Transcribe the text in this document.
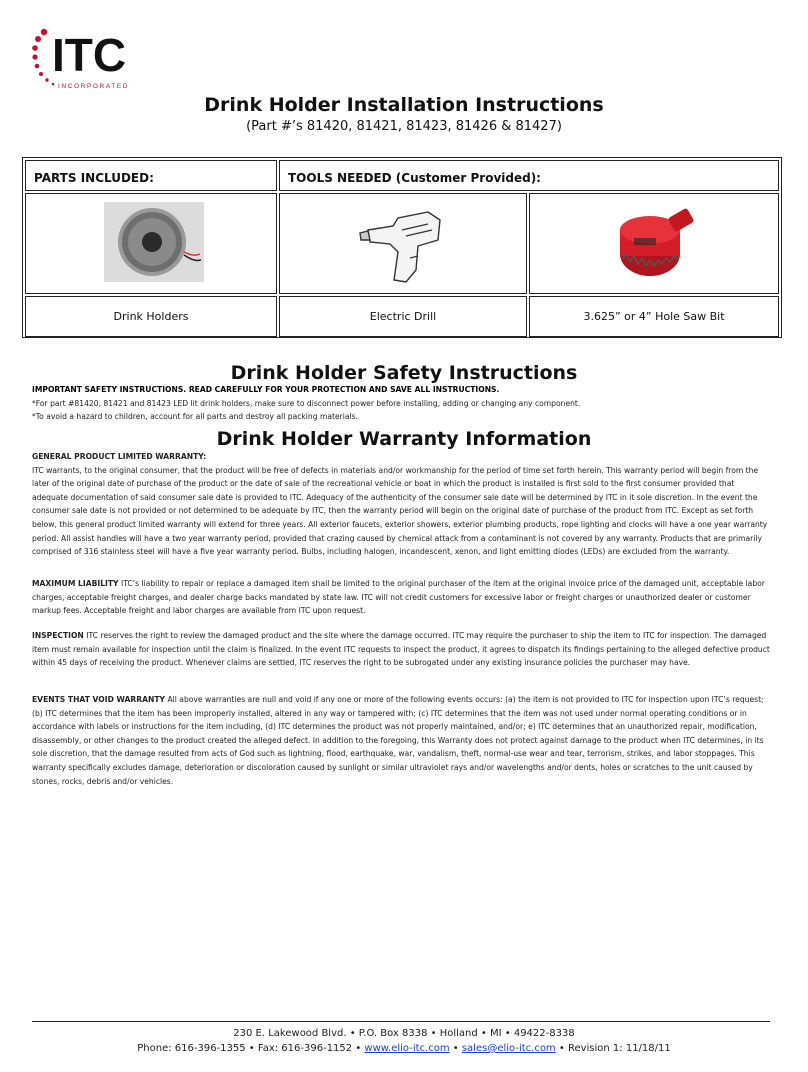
ITC
INCORPORATED
Drink Holder Installation Instructions
(Part #’s 81420, 81421, 81423, 81426 & 81427)
PARTS INCLUDED:	TOOLS NEEDED (Customer Provided):
Drink Holders	Electric Drill	3.625” or 4” Hole Saw Bit
Drink Holder Safety Instructions
IMPORTANT SAFETY INSTRUCTIONS. READ CAREFULLY FOR YOUR PROTECTION AND SAVE ALL INSTRUCTIONS.
*For part #81420, 81421 and 81423 LED lit drink holders, make sure to disconnect power before installing, adding or changing any component.
*To avoid a hazard to children, account for all parts and destroy all packing materials.
Drink Holder Warranty Information
GENERAL PRODUCT LIMITED WARRANTY:
ITC warrants, to the original consumer, that the product will be free of defects in materials and/or workmanship for the period of time set forth herein. This warranty period will begin from the later of the original date of purchase of the product or the date of sale of the recreational vehicle or boat in which the product is installed is first sold to the first consumer provided that adequate documentation of said consumer sale date is provided to ITC. Adequacy of the authenticity of the consumer sale date will be determined by ITC in it sole discretion. In the event the consumer sale date is not provided or not determined to be adequate by ITC, then the warranty period will begin on the original date of purchase of the product from ITC. Except as set forth below, this general product limited warranty will extend for three years. All exterior faucets, exterior showers, exterior plumbing products, rope lighting and clocks will have a one year warranty period. All assist handles will have a two year warranty period, provided that crazing caused by chemical attack from a contaminant is not covered by any warranty. Products that are primarily comprised of 316 stainless steel will have a five year warranty period. Bulbs, including halogen, incandescent, xenon, and light emitting diodes (LEDs) are excluded from the warranty.

MAXIMUM LIABILITY ITC’s liability to repair or replace a damaged item shall be limited to the original purchaser of the item at the original invoice price of the damaged unit, acceptable labor charges, acceptable freight charges, and dealer charge backs mandated by state law. ITC will not credit customers for excessive labor or freight charges or unauthorized dealer or customer markup fees. Acceptable freight and labor charges are available from ITC upon request.

INSPECTION ITC reserves the right to review the damaged product and the site where the damage occurred. ITC may require the purchaser to ship the item to ITC for inspection. The damaged item must remain available for inspection until the claim is finalized. In the event ITC requests to inspect the product, it agrees to dispatch its findings pertaining to the alleged defective product within 45 days of receiving the product. Whenever claims are settled, ITC reserves the right to be subrogated under any existing insurance policies the purchaser may have.

EVENTS THAT VOID WARRANTY All above warranties are null and void if any one or more of the following events occurs: (a) the item is not provided to ITC for inspection upon ITC’s request; (b) ITC determines that the item has been improperly installed, altered in any way or tampered with; (c) ITC determines that the item was not used under normal operating conditions or in accordance with labels or instructions for the item including, (d) ITC determines the product was not properly maintained, and/or; e) ITC determines that an unauthorized repair, modification, disassembly, or other changes to the product created the alleged defect. In addition to the foregoing, this Warranty does not protect against damage to the product when ITC determines, in its sole discretion, that the damage resulted from acts of God such as lightning, flood, earthquake, war, vandalism, theft, normal-use wear and tear, terrorism, strikes, and labor stoppages. This warranty specifically excludes damage, deterioration or discoloration caused by sunlight or similar ultraviolet rays and/or wavelengths and/or dents, holes or scratches to the unit caused by stones, rocks, debris and/or vehicles.

230 E. Lakewood Blvd. • P.O. Box 8338 • Holland • MI • 49422-8338
Phone: 616-396-1355 • Fax: 616-396-1152 • www.elio-itc.com • sales@elio-itc.com • Revision 1: 11/18/11
